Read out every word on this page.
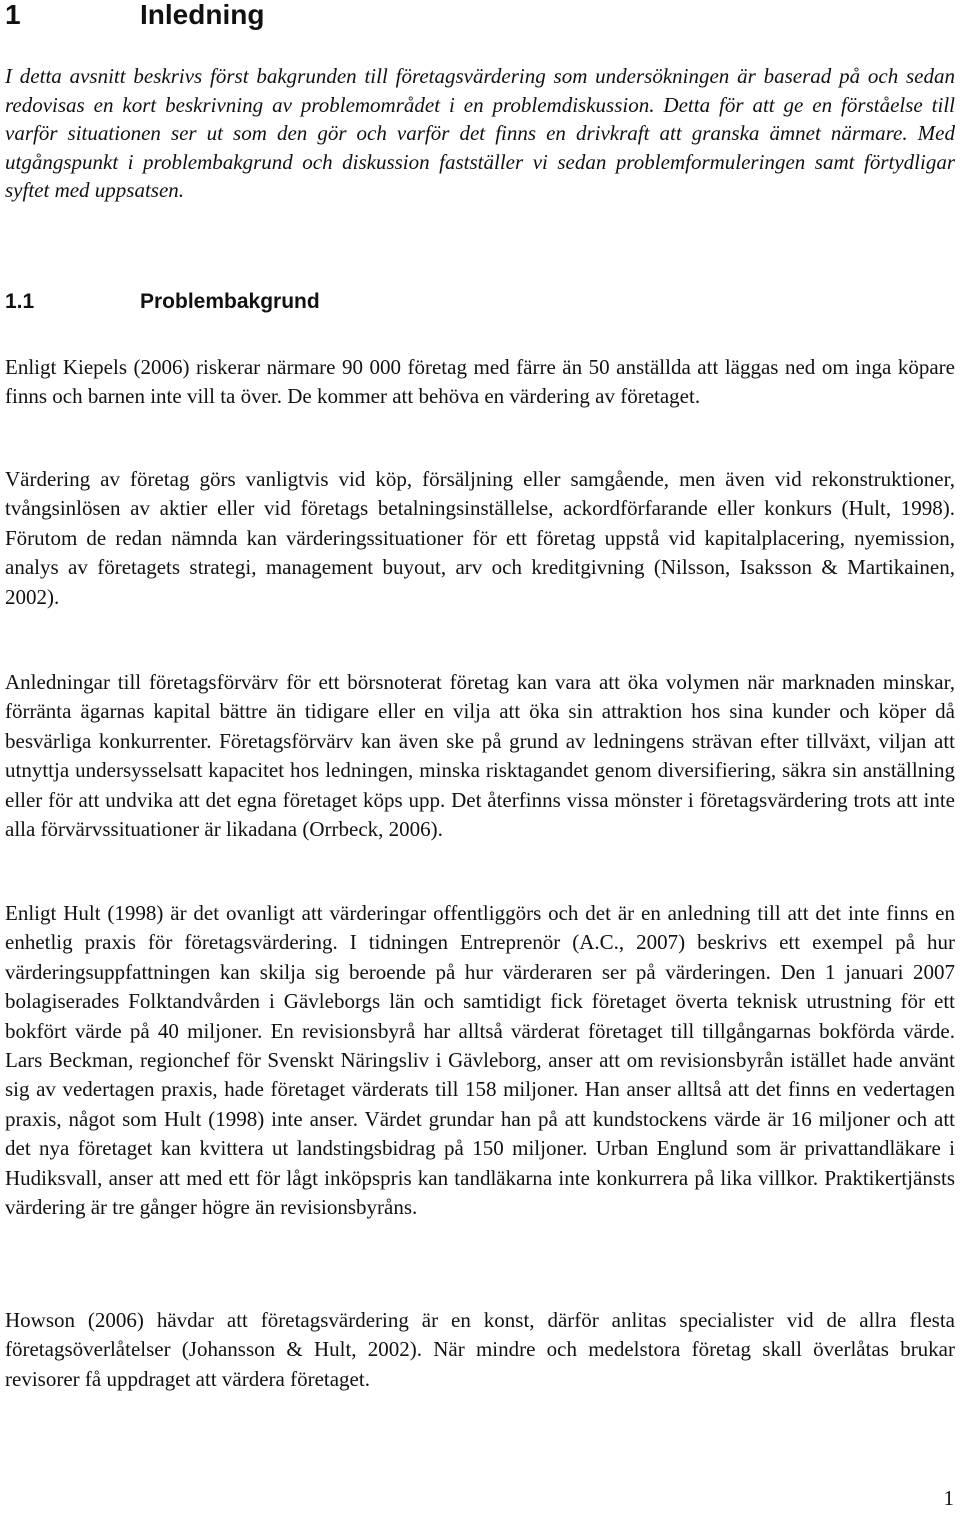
1	Inledning

I detta avsnitt beskrivs först bakgrunden till företagsvärdering som undersökningen är baserad på och sedan redovisas en kort beskrivning av problemområdet i en problemdiskussion. Detta för att ge en förståelse till varför situationen ser ut som den gör och varför det finns en drivkraft att granska ämnet närmare. Med utgångspunkt i problembakgrund och diskussion fastställer vi sedan problemformuleringen samt förtydligar syftet med uppsatsen.

1.1	Problembakgrund

Enligt Kiepels (2006) riskerar närmare 90 000 företag med färre än 50 anställda att läggas ned om inga köpare finns och barnen inte vill ta över. De kommer att behöva en värdering av företaget.

Värdering av företag görs vanligtvis vid köp, försäljning eller samgående, men även vid rekonstruktioner, tvångsinlösen av aktier eller vid företags betalningsinställelse, ackordförfarande eller konkurs (Hult, 1998). Förutom de redan nämnda kan värderingssituationer för ett företag uppstå vid kapitalplacering, nyemission, analys av företagets strategi, management buyout, arv och kreditgivning (Nilsson, Isaksson & Martikainen, 2002).

Anledningar till företagsförvärv för ett börsnoterat företag kan vara att öka volymen när marknaden minskar, förränta ägarnas kapital bättre än tidigare eller en vilja att öka sin attraktion hos sina kunder och köper då besvärliga konkurrenter. Företagsförvärv kan även ske på grund av ledningens strävan efter tillväxt, viljan att utnyttja undersysselsatt kapacitet hos ledningen, minska risktagandet genom diversifiering, säkra sin anställning eller för att undvika att det egna företaget köps upp. Det återfinns vissa mönster i företagsvärdering trots att inte alla förvärvssituationer är likadana (Orrbeck, 2006).

Enligt Hult (1998) är det ovanligt att värderingar offentliggörs och det är en anledning till att det inte finns en enhetlig praxis för företagsvärdering. I tidningen Entreprenör (A.C., 2007) beskrivs ett exempel på hur värderingsuppfattningen kan skilja sig beroende på hur värderaren ser på värderingen. Den 1 januari 2007 bolagiserades Folktandvården i Gävleborgs län och samtidigt fick företaget överta teknisk utrustning för ett bokfört värde på 40 miljoner. En revisionsbyrå har alltså värderat företaget till tillgångarnas bokförda värde. Lars Beckman, regionchef för Svenskt Näringsliv i Gävleborg, anser att om revisionsbyrån istället hade använt sig av vedertagen praxis, hade företaget värderats till 158 miljoner. Han anser alltså att det finns en vedertagen praxis, något som Hult (1998) inte anser. Värdet grundar han på att kundstockens värde är 16 miljoner och att det nya företaget kan kvittera ut landstingsbidrag på 150 miljoner. Urban Englund som är privattandläkare i Hudiksvall, anser att med ett för lågt inköpspris kan tandläkarna inte konkurrera på lika villkor. Praktikertjänsts värdering är tre gånger högre än revisionsbyråns.

Howson (2006) hävdar att företagsvärdering är en konst, därför anlitas specialister vid de allra flesta företagsöverlåtelser (Johansson & Hult, 2002). När mindre och medelstora företag skall överlåtas brukar revisorer få uppdraget att värdera företaget.

1
